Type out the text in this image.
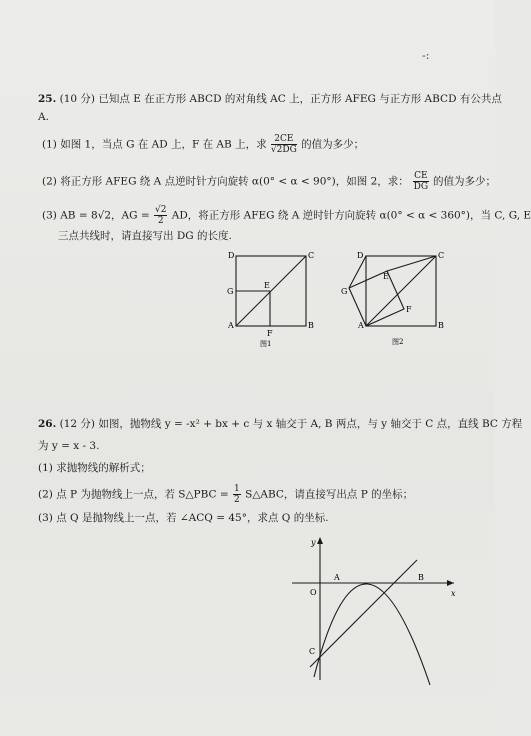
-:
25. (10 分) 已知点 E 在正方形 ABCD 的对角线 AC 上，正方形 AFEG 与正方形 ABCD 有公共点
A.
(1) 如图 1，当点 G 在 AD 上，F 在 AB 上，求 $\frac{2CE}{√2DG}$ 的值为多少；
(2) 将正方形 AFEG 绕 A 点逆时针方向旋转 α(0° < α < 90°)，如图 2，求： $\frac{CE}{DG}$ 的值为多少；
(3) AB = 8√2，AG = $\frac{√2}{2}$ AD，将正方形 AFEG 绕 A 逆时针方向旋转 α(0° < α < 360°)，当 C, G, E
三点共线时，请直接写出 DG 的长度.
D	C
G
E
A
F
B
图1
D	C
E
G
F
A	B
图2
26. (12 分) 如图，抛物线 y = -x² + bx + c 与 x 轴交于 A, B 两点，与 y 轴交于 C 点，直线 BC 方程
为 y = x - 3.
(1) 求抛物线的解析式；
(2) 点 P 为抛物线上一点，若 S△PBC = $\frac{1}{2}$ S△ABC，请直接写出点 P 的坐标；
(3) 点 Q 是抛物线上一点，若 ∠ACQ = 45°，求点 Q 的坐标.
y
O
A	B
x
C
